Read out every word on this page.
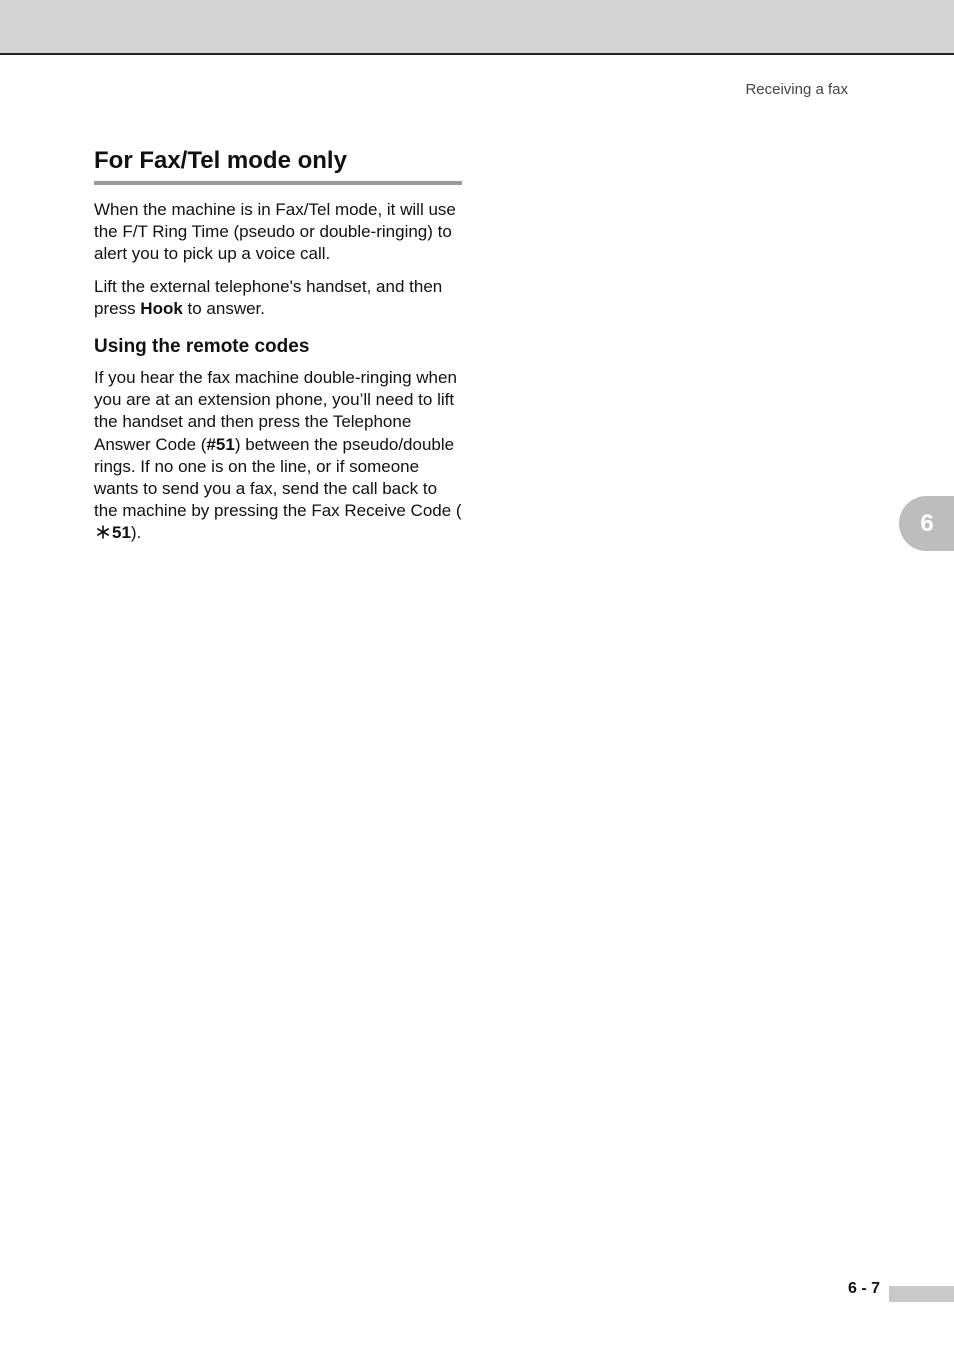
Receiving a fax
For Fax/Tel mode only

When the machine is in Fax/Tel mode, it will use the F/T Ring Time (pseudo or double-ringing) to alert you to pick up a voice call.

Lift the external telephone's handset, and then press Hook to answer.

Using the remote codes

If you hear the fax machine double-ringing when you are at an extension phone, you’ll need to lift the handset and then press the Telephone Answer Code (#51) between the pseudo/double rings. If no one is on the line, or if someone wants to send you a fax, send the call back to the machine by pressing the Fax Receive Code (51).	6
6 - 7
